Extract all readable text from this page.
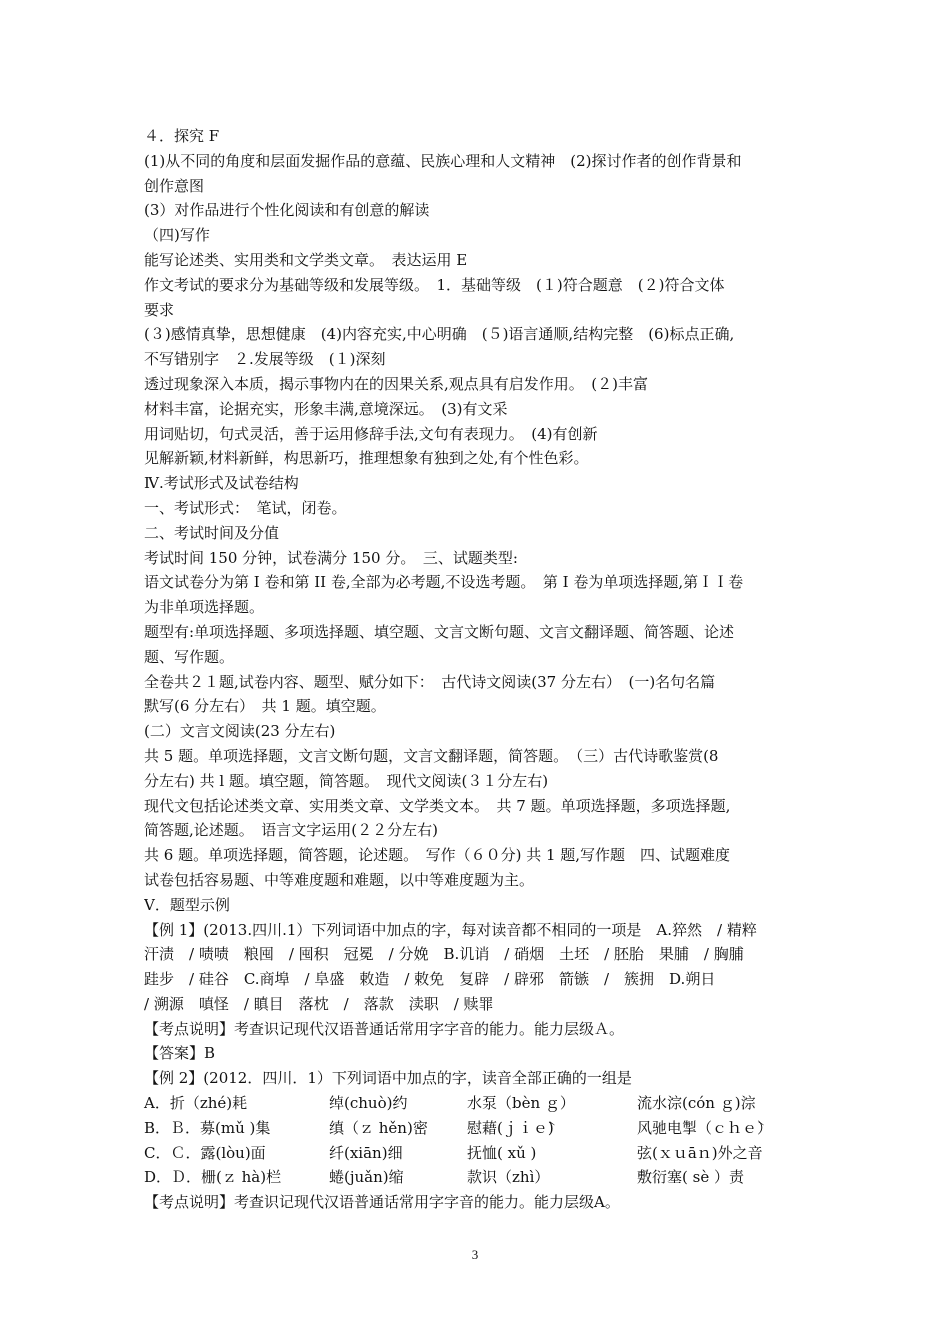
４．探究 F
(1)从不同的角度和层面发掘作品的意蕴、民族心理和人文精神　(2)探讨作者的创作背景和
创作意图
(3）对作品进行个性化阅读和有创意的解读
（四)写作
能写论述类、实用类和文学类文章。　表达运用 E
作文考试的要求分为基础等级和发展等级。　1．基础等级　(１)符合题意　(２)符合文体
要求
(３)感情真挚，思想健康　(4)内容充实,中心明确　(５)语言通顺,结构完整　(6)标点正确,
不写错别字　２.发展等级　(１)深刻
透过现象深入本质，揭示事物内在的因果关系,观点具有启发作用。　(２)丰富
材料丰富，论据充实，形象丰满,意境深远。　(3)有文采
用词贴切，句式灵活，善于运用修辞手法,文句有表现力。　(4)有创新
见解新颖,材料新鲜，构思新巧，推理想象有独到之处,有个性色彩。
Ⅳ.考试形式及试卷结构
一、考试形式：　笔试，闭卷。
二、考试时间及分值
考试时间 150 分钟，试卷满分 150 分。　三、试题类型:
语文试卷分为第 I 卷和第 II 卷,全部为必考题,不设选考题。　第 I 卷为单项选择题,第ＩＩ卷
为非单项选择题。
题型有:单项选择题、多项选择题、填空题、文言文断句题、文言文翻译题、简答题、论述
题、写作题。
全卷共２１题,试卷内容、题型、赋分如下：　古代诗文阅读(37 分左右）　(一)名句名篇
默写(6 分左右）　共 1 题。填空题。
(二）文言文阅读(23 分左右)
共 5 题。单项选择题，文言文断句题，文言文翻译题，简答题。　（三）古代诗歌鉴赏(8
分左右) 共 l 题。填空题，简答题。　现代文阅读(３１分左右)
现代文包括论述类文章、实用类文章、文学类文本。　共 7 题。单项选择题，多项选择题,
简答题,论述题。　语言文字运用(２２分左右)
共 6 题。单项选择题，简答题，论述题。　写作（６０分) 共 1 题,写作题　四、试题难度
试卷包括容易题、中等难度题和难题，以中等难度题为主。
V．题型示例
【例 1】(2013.四川.1）下列词语中加点的字，每对读音都不相同的一项是　A.猝然　/ 精粹
汗渍　/ 啧啧　粮囤　/ 囤积　冠冕　/ 分娩　B.讥诮　/ 硝烟　土坯　/ 胚胎　果脯　/ 胸脯
跬步　/ 硅谷　C.商埠　/ 阜盛　敕造　/ 敕免　复辟　/ 辟邪　箭镞　/　簇拥　D.朔日
/ 溯源　嗔怪　/ 瞋目　落枕　/　落款　渎职　/ 赎罪
【考点说明】考查识记现代汉语普通话常用字字音的能力。能力层级Ａ。
【答案】B
【例 2】(2012．四川．1）下列词语中加点的字，读音全部正确的一组是
A．折（zhé)耗	绰(chuò)约	水泵（bèn ｇ）	流水淙(cón ｇ)淙
B．Ｂ．募(mǔ )集	缜（ｚ hěn)密	慰藉(ｊｉｅ̀)	风驰电掣（ｃｈｅ̀）
C．Ｃ．露(lòu)面	纤(xiān)细	抚恤( xǔ )	弦(ｘｕāｎ)外之音
D．Ｄ．栅(ｚ hà)栏	蜷(juǎn)缩	款识（zhì）	敷衍塞( sè ）责
【考点说明】考查识记现代汉语普通话常用字字音的能力。能力层级A。
3
